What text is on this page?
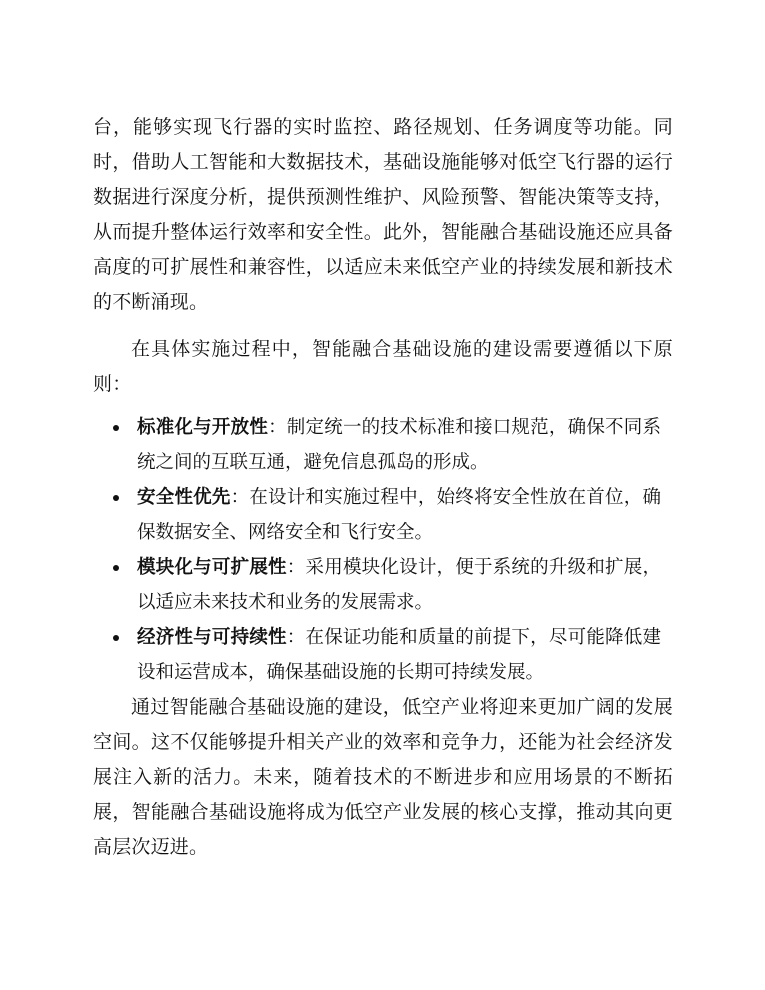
台，能够实现飞行器的实时监控、路径规划、任务调度等功能。同时，借助人工智能和大数据技术，基础设施能够对低空飞行器的运行数据进行深度分析，提供预测性维护、风险预警、智能决策等支持，从而提升整体运行效率和安全性。此外，智能融合基础设施还应具备高度的可扩展性和兼容性，以适应未来低空产业的持续发展和新技术的不断涌现。

在具体实施过程中，智能融合基础设施的建设需要遵循以下原则：

标准化与开放性：制定统一的技术标准和接口规范，确保不同系统之间的互联互通，避免信息孤岛的形成。
安全性优先：在设计和实施过程中，始终将安全性放在首位，确保数据安全、网络安全和飞行安全。
模块化与可扩展性：采用模块化设计，便于系统的升级和扩展，以适应未来技术和业务的发展需求。
经济性与可持续性：在保证功能和质量的前提下，尽可能降低建设和运营成本，确保基础设施的长期可持续发展。

通过智能融合基础设施的建设，低空产业将迎来更加广阔的发展空间。这不仅能够提升相关产业的效率和竞争力，还能为社会经济发展注入新的活力。未来，随着技术的不断进步和应用场景的不断拓展，智能融合基础设施将成为低空产业发展的核心支撑，推动其向更高层次迈进。
